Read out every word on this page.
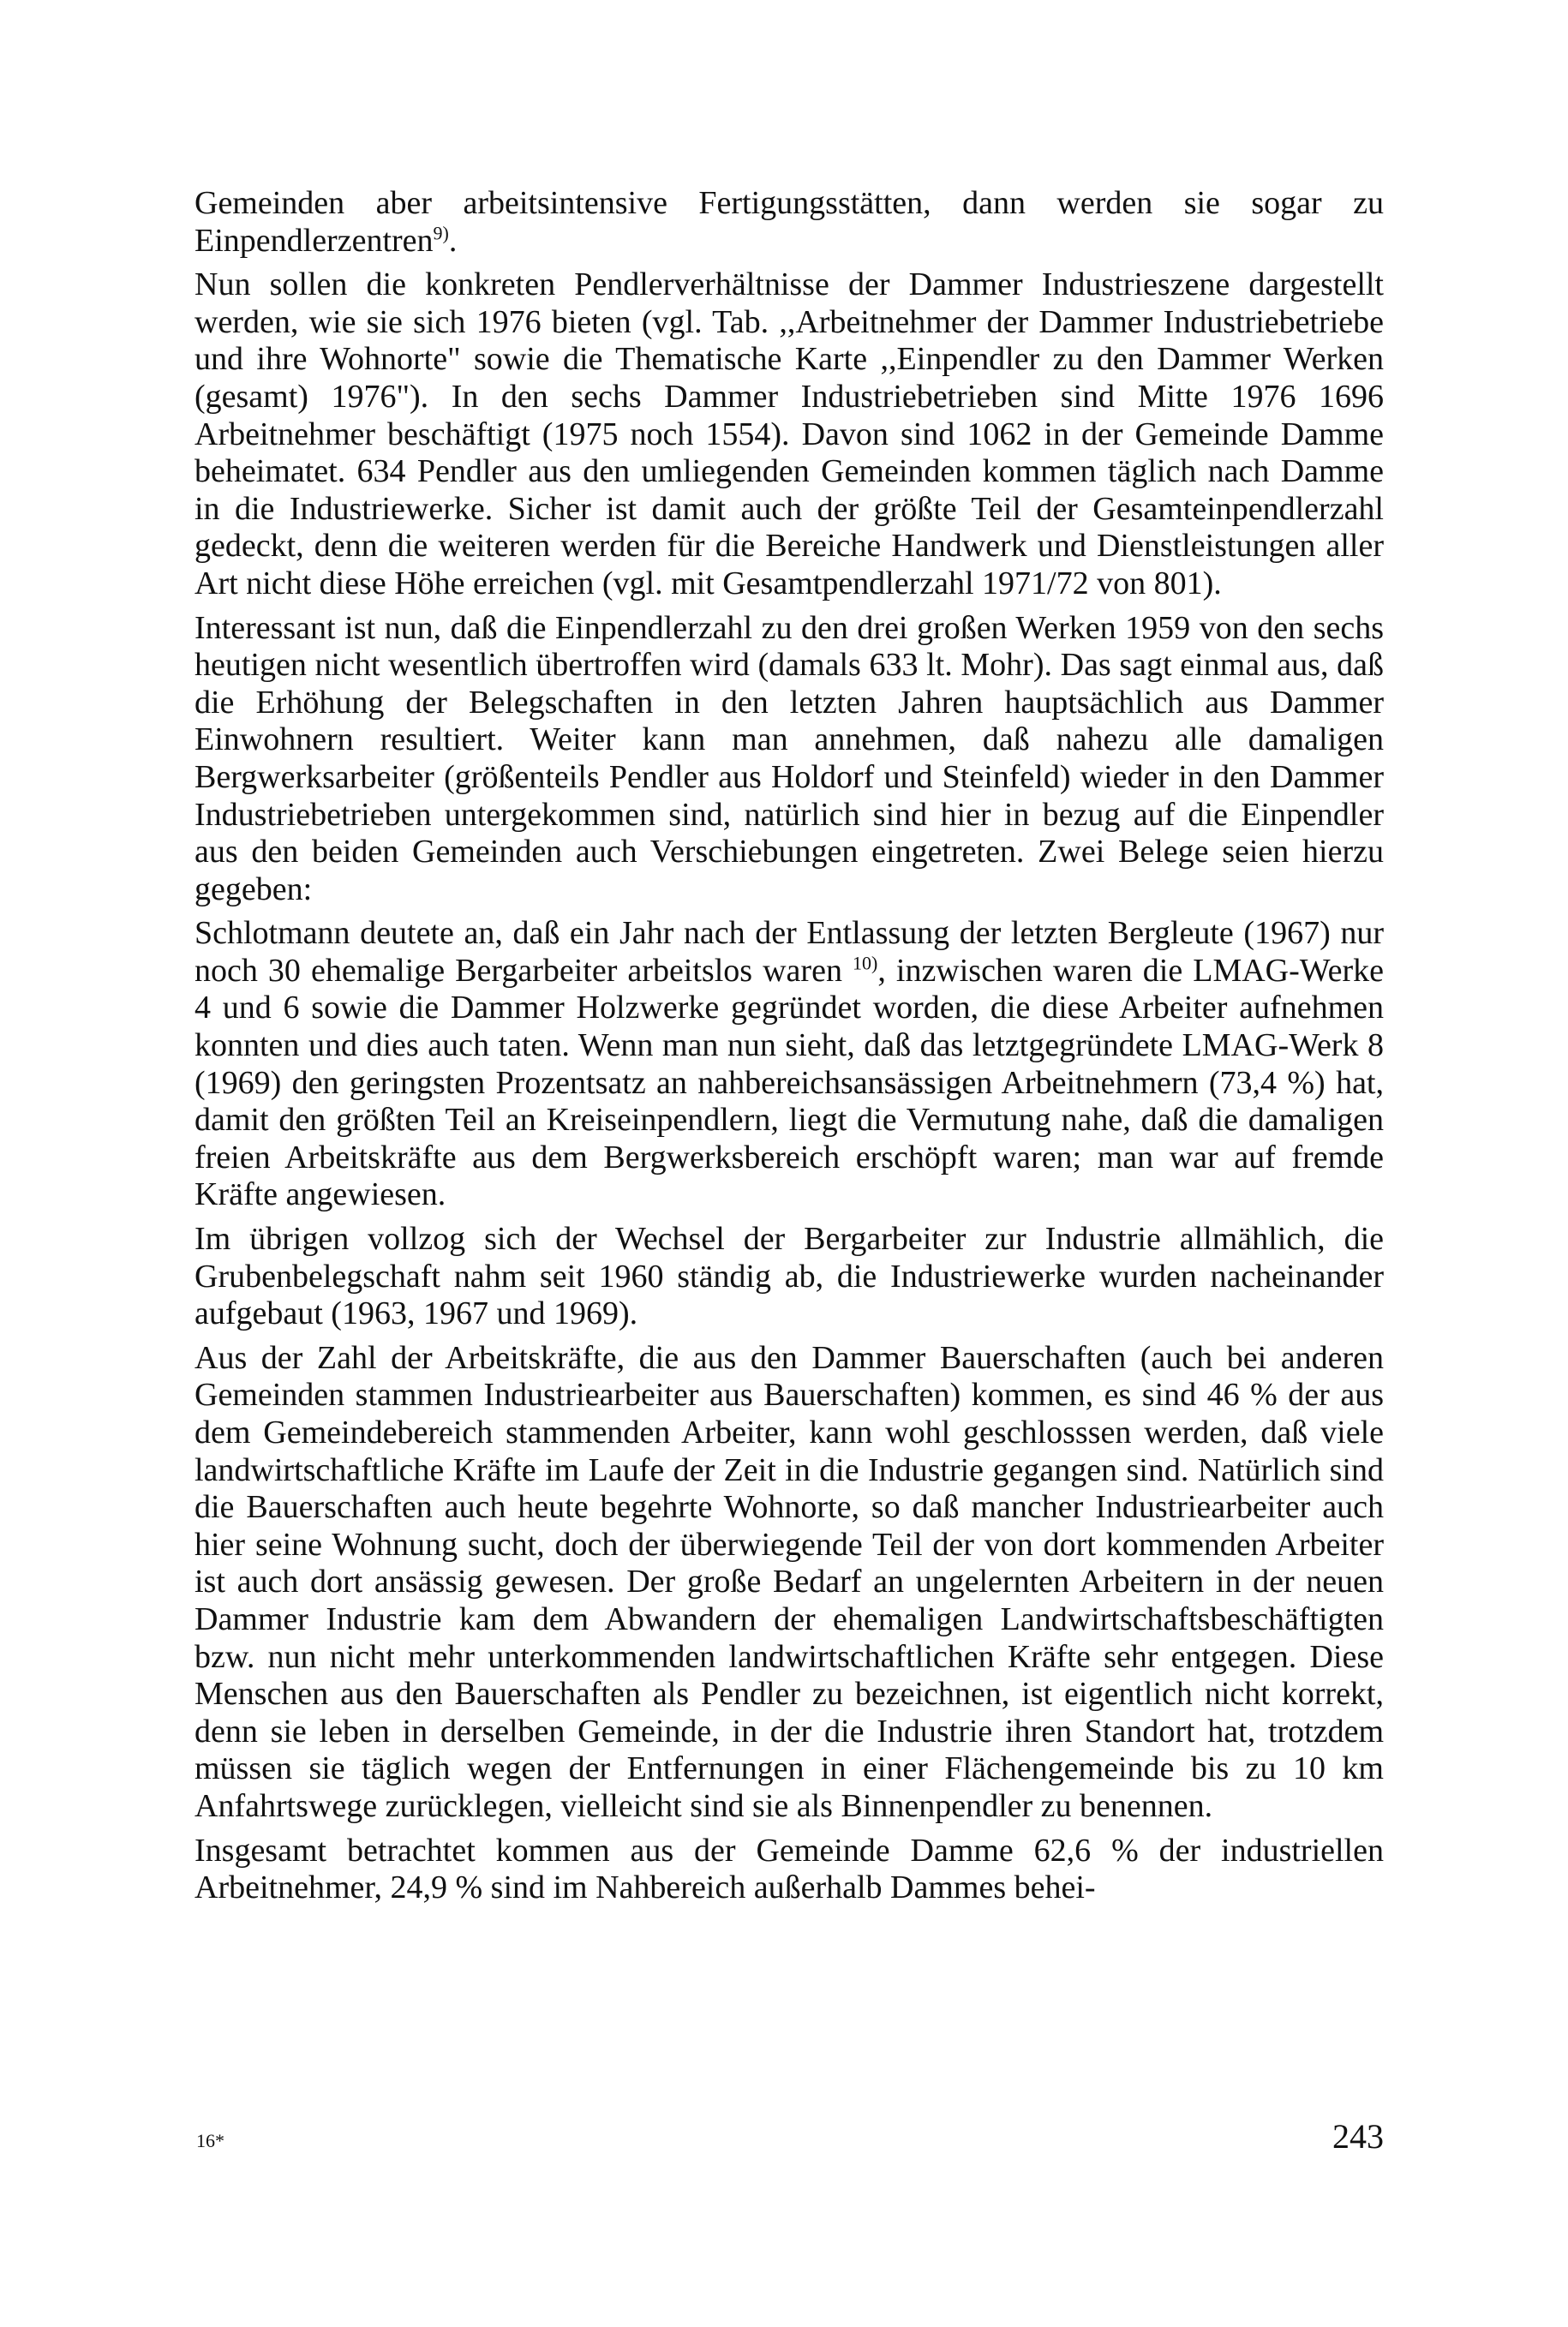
Gemeinden aber arbeitsintensive Fertigungsstätten, dann werden sie sogar zu Einpendlerzentren$^{9)}$.

Nun sollen die konkreten Pendlerverhältnisse der Dammer Industrieszene dargestellt werden, wie sie sich 1976 bieten (vgl. Tab. ,,Arbeitnehmer der Dammer Industriebetriebe und ihre Wohnorte" sowie die Thematische Karte ,,Einpendler zu den Dammer Werken (gesamt) 1976"). In den sechs Dammer Industriebetrieben sind Mitte 1976 1696 Arbeitnehmer beschäftigt (1975 noch 1554). Davon sind 1062 in der Gemeinde Damme beheimatet. 634 Pendler aus den umliegenden Gemeinden kommen täglich nach Damme in die Industriewerke. Sicher ist damit auch der größte Teil der Gesamteinpendlerzahl gedeckt, denn die weiteren werden für die Bereiche Handwerk und Dienstleistungen aller Art nicht diese Höhe erreichen (vgl. mit Gesamtpendlerzahl 1971/72 von 801).

Interessant ist nun, daß die Einpendlerzahl zu den drei großen Werken 1959 von den sechs heutigen nicht wesentlich übertroffen wird (damals 633 lt. Mohr). Das sagt einmal aus, daß die Erhöhung der Belegschaften in den letzten Jahren hauptsächlich aus Dammer Einwohnern resultiert. Weiter kann man annehmen, daß nahezu alle damaligen Bergwerksarbeiter (größenteils Pendler aus Holdorf und Steinfeld) wieder in den Dammer Industriebetrieben untergekommen sind, natürlich sind hier in bezug auf die Einpendler aus den beiden Gemeinden auch Verschiebungen eingetreten. Zwei Belege seien hierzu gegeben:

Schlotmann deutete an, daß ein Jahr nach der Entlassung der letzten Bergleute (1967) nur noch 30 ehemalige Bergarbeiter arbeitslos waren $^{10)}$, inzwischen waren die LMAG-Werke 4 und 6 sowie die Dammer Holzwerke gegründet worden, die diese Arbeiter aufnehmen konnten und dies auch taten. Wenn man nun sieht, daß das letztgegründete LMAG-Werk 8 (1969) den geringsten Prozentsatz an nahbereichsansässigen Arbeitnehmern (73,4 %) hat, damit den größten Teil an Kreiseinpendlern, liegt die Vermutung nahe, daß die damaligen freien Arbeitskräfte aus dem Bergwerksbereich erschöpft waren; man war auf fremde Kräfte angewiesen.

Im übrigen vollzog sich der Wechsel der Bergarbeiter zur Industrie allmählich, die Grubenbelegschaft nahm seit 1960 ständig ab, die Industriewerke wurden nacheinander aufgebaut (1963, 1967 und 1969).

Aus der Zahl der Arbeitskräfte, die aus den Dammer Bauerschaften (auch bei anderen Gemeinden stammen Industriearbeiter aus Bauerschaften) kommen, es sind 46 % der aus dem Gemeindebereich stammenden Arbeiter, kann wohl geschlosssen werden, daß viele landwirtschaftliche Kräfte im Laufe der Zeit in die Industrie gegangen sind. Natürlich sind die Bauerschaften auch heute begehrte Wohnorte, so daß mancher Industriearbeiter auch hier seine Wohnung sucht, doch der überwiegende Teil der von dort kommenden Arbeiter ist auch dort ansässig gewesen. Der große Bedarf an ungelernten Arbeitern in der neuen Dammer Industrie kam dem Abwandern der ehemaligen Landwirtschaftsbeschäftigten bzw. nun nicht mehr unterkommenden landwirtschaftlichen Kräfte sehr entgegen. Diese Menschen aus den Bauerschaften als Pendler zu bezeichnen, ist eigentlich nicht korrekt, denn sie leben in derselben Gemeinde, in der die Industrie ihren Standort hat, trotzdem müssen sie täglich wegen der Entfernungen in einer Flächengemeinde bis zu 10 km Anfahrtswege zurücklegen, vielleicht sind sie als Binnenpendler zu benennen.

Insgesamt betrachtet kommen aus der Gemeinde Damme 62,6 % der industriellen Arbeitnehmer, 24,9 % sind im Nahbereich außerhalb Dammes behei-

16*	243
